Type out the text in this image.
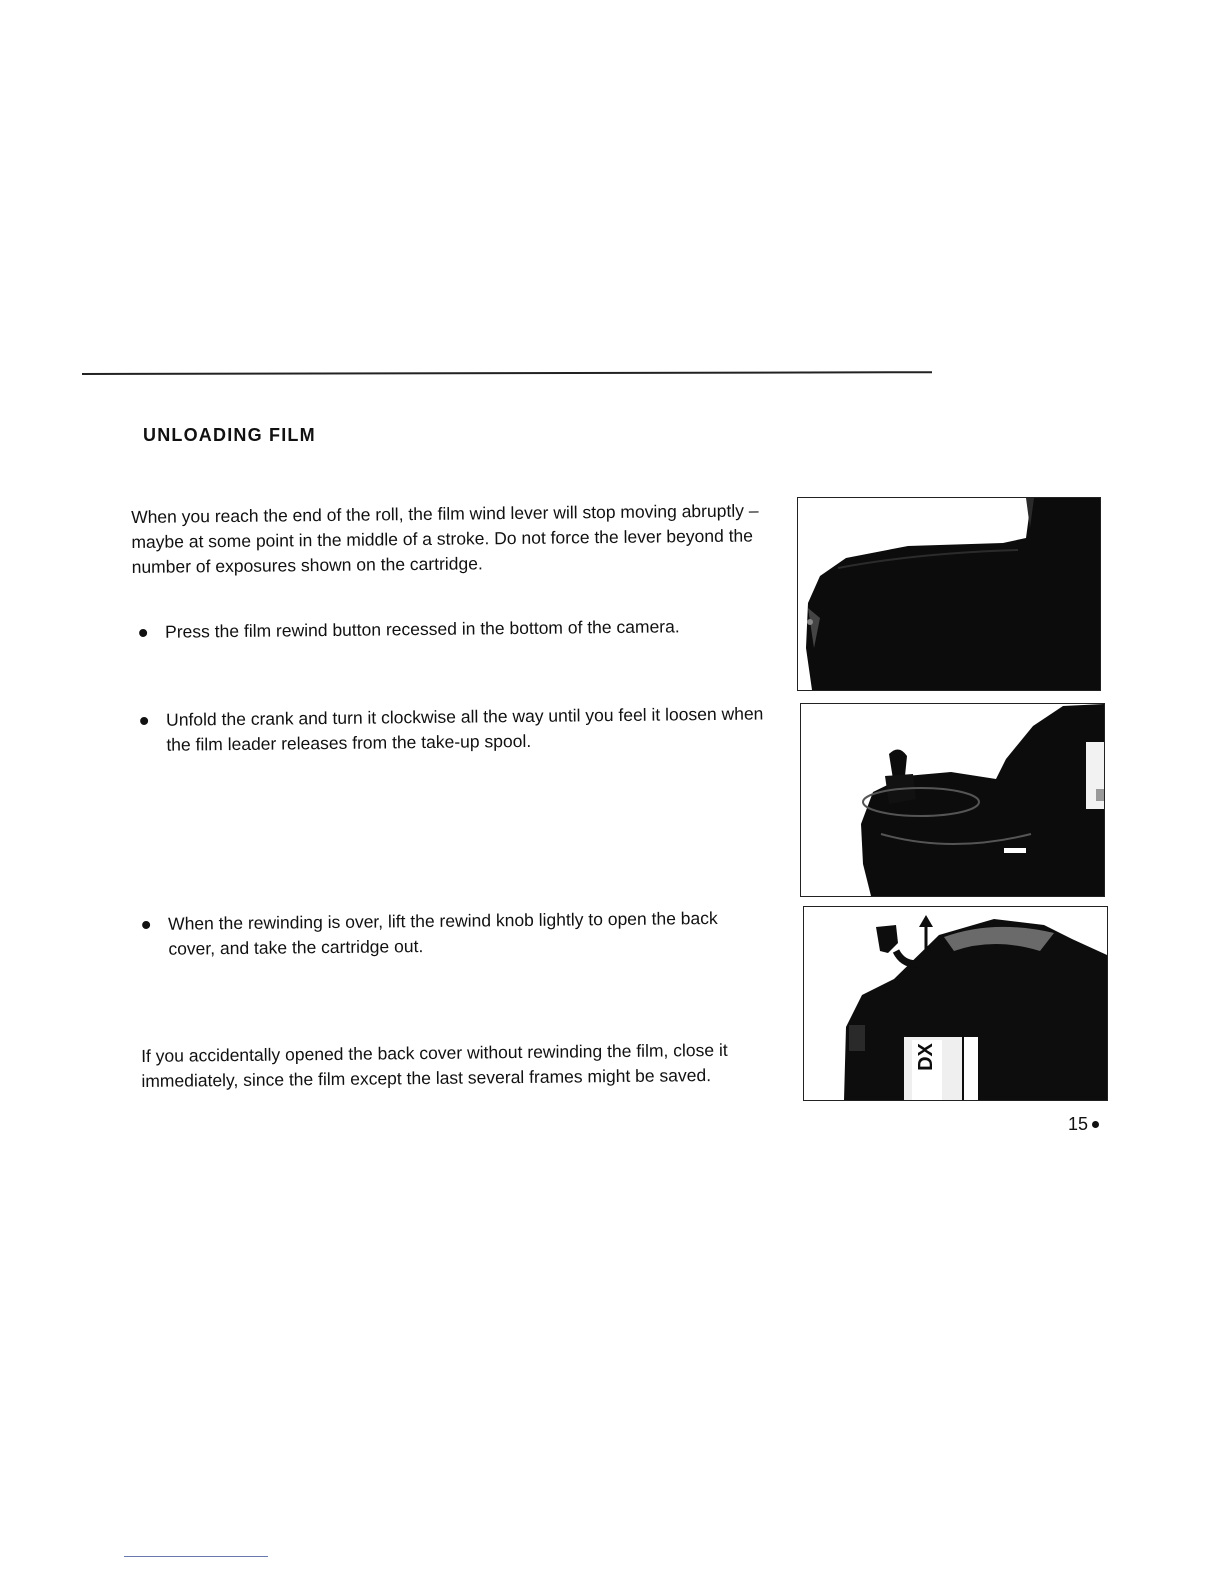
UNLOADING FILM

When you reach the end of the roll, the film wind lever will stop moving abruptly – maybe at some point in the middle of a stroke. Do not force the lever beyond the number of exposures shown on the cartridge.

Press the film rewind button recessed in the bottom of the camera.
Unfold the crank and turn it clockwise all the way until you feel it loosen when the film leader releases from the take-up spool.
When the rewinding is over, lift the rewind knob lightly to open the back cover, and take the cartridge out.

If you accidentally opened the back cover without rewinding the film, close it immediately, since the film except the last several frames might be saved.

DX
15
